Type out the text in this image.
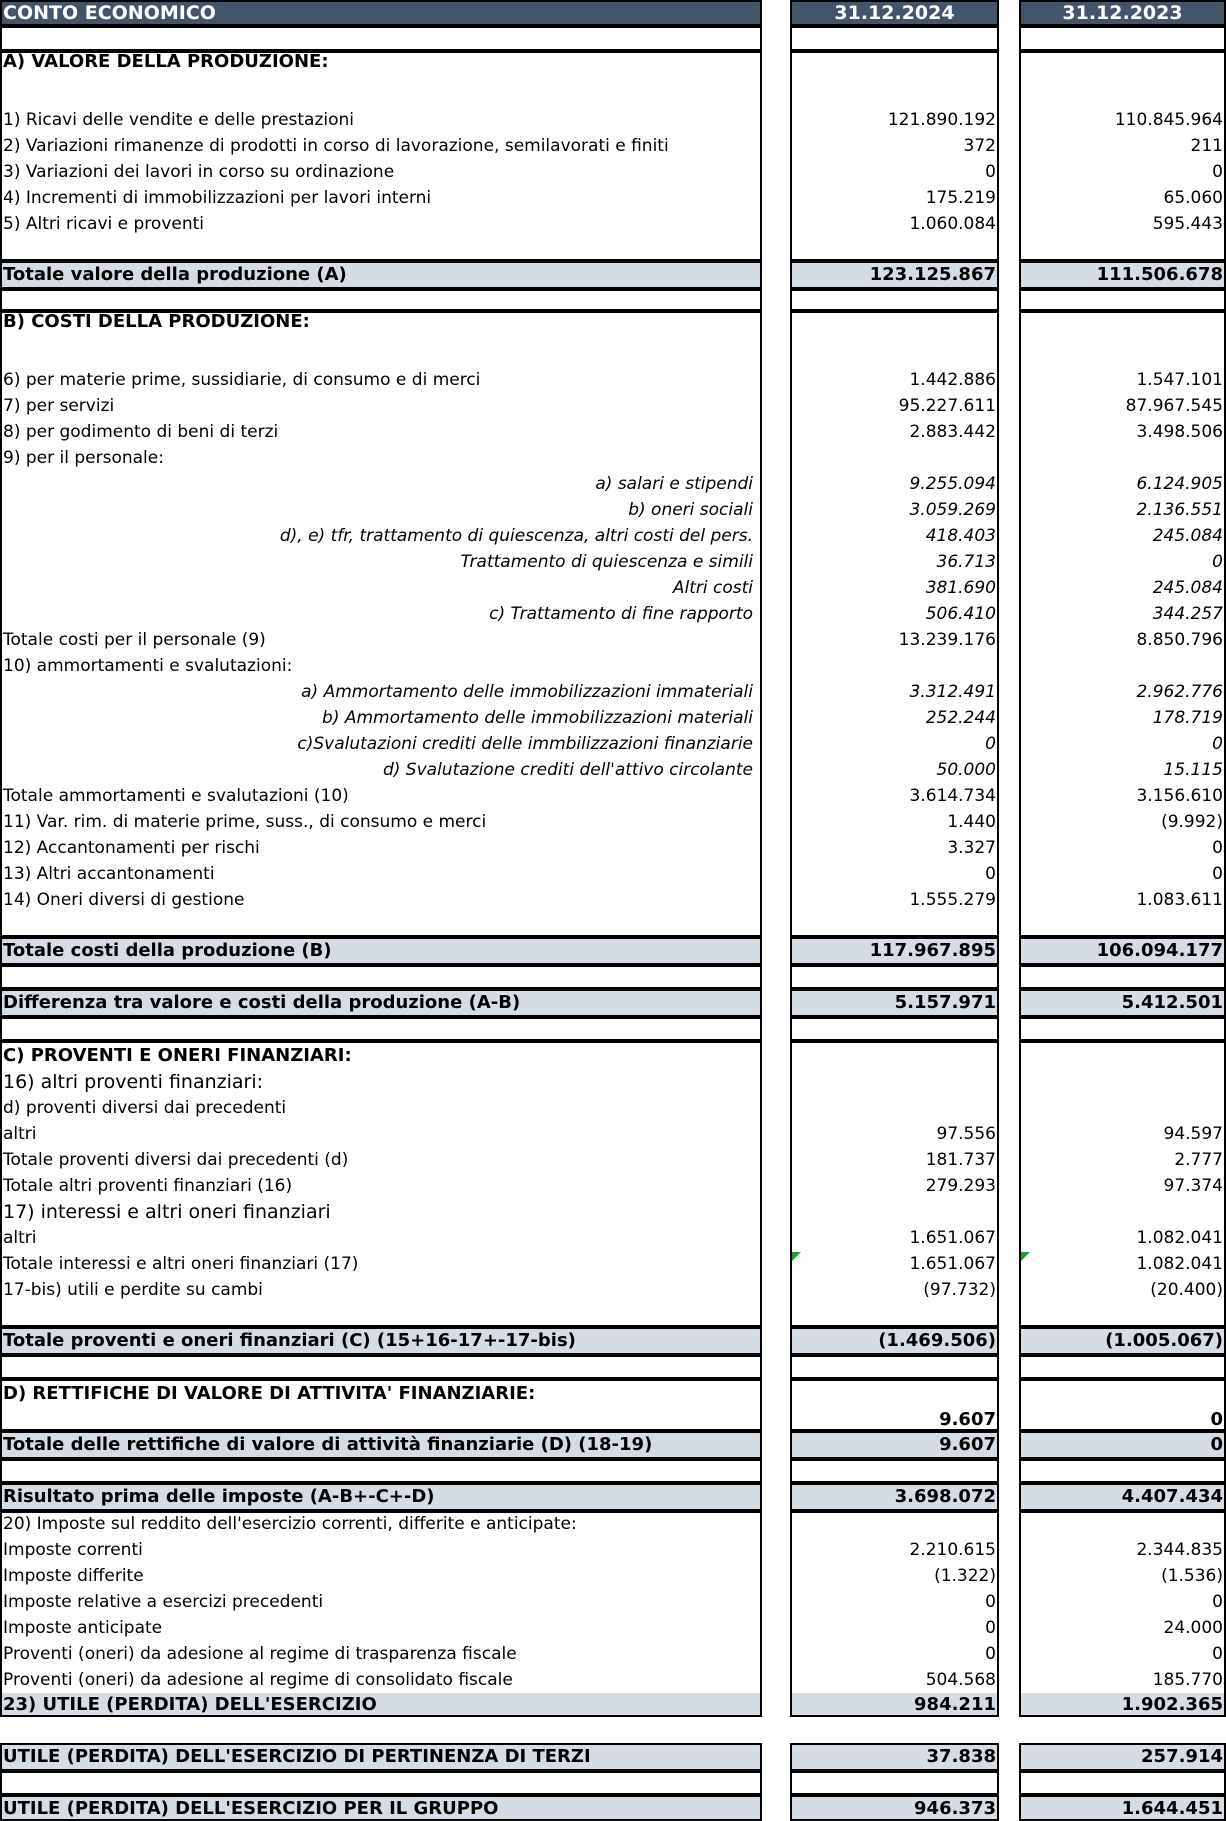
CONTO ECONOMICO
A) VALORE DELLA PRODUZIONE:
1) Ricavi delle vendite e delle prestazioni
2) Variazioni rimanenze di prodotti in corso di lavorazione, semilavorati e finiti
3) Variazioni dei lavori in corso su ordinazione
4) Incrementi di immobilizzazioni per lavori interni
5) Altri ricavi e proventi
Totale valore della produzione (A)
B) COSTI DELLA PRODUZIONE:
6) per materie prime, sussidiarie, di consumo e di merci
7) per servizi
8) per godimento di beni di terzi
9) per il personale:
a) salari e stipendi
b) oneri sociali
d), e) tfr, trattamento di quiescenza, altri costi del pers.
Trattamento di quiescenza e simili
Altri costi
c) Trattamento di fine rapporto
Totale costi per il personale (9)
10) ammortamenti e svalutazioni:
a) Ammortamento delle immobilizzazioni immateriali
b) Ammortamento delle immobilizzazioni materiali
c)Svalutazioni crediti delle immbilizzazioni finanziarie
d) Svalutazione crediti dell'attivo circolante
Totale ammortamenti e svalutazioni (10)
11) Var. rim. di materie prime, suss., di consumo e merci
12) Accantonamenti per rischi
13) Altri accantonamenti
14) Oneri diversi di gestione
Totale costi della produzione (B)
Differenza tra valore e costi della produzione (A-B)
C) PROVENTI E ONERI FINANZIARI:
16) altri proventi finanziari:
d) proventi diversi dai precedenti
altri
Totale proventi diversi dai precedenti (d)
Totale altri proventi finanziari (16)
17) interessi e altri oneri finanziari
altri
Totale interessi e altri oneri finanziari (17)
17-bis) utili e perdite su cambi
Totale proventi e oneri finanziari (C) (15+16-17+-17-bis)
D) RETTIFICHE DI VALORE DI ATTIVITA' FINANZIARIE:
Totale delle rettifiche di valore di attività finanziarie (D) (18-19)
Risultato prima delle imposte (A-B+-C+-D)
20) Imposte sul reddito dell'esercizio correnti, differite e anticipate:
Imposte correnti
Imposte differite
Imposte relative a esercizi precedenti
Imposte anticipate
Proventi (oneri) da adesione al regime di trasparenza fiscale
Proventi (oneri) da adesione al regime di consolidato fiscale
23) UTILE (PERDITA) DELL'ESERCIZIO
UTILE (PERDITA) DELL'ESERCIZIO DI PERTINENZA DI TERZI
UTILE (PERDITA) DELL'ESERCIZIO PER IL GRUPPO
31.12.2024
121.890.192
372
0
175.219
1.060.084
123.125.867
1.442.886
95.227.611
2.883.442
9.255.094
3.059.269
418.403
36.713
381.690
506.410
13.239.176
3.312.491
252.244
0
50.000
3.614.734
1.440
3.327
0
1.555.279
117.967.895
5.157.971
97.556
181.737
279.293
1.651.067
1.651.067
(97.732)
(1.469.506)
9.607
9.607
3.698.072
2.210.615
(1.322)
0
0
0
504.568
984.211
37.838
946.373
31.12.2023
110.845.964
211
0
65.060
595.443
111.506.678
1.547.101
87.967.545
3.498.506
6.124.905
2.136.551
245.084
0
245.084
344.257
8.850.796
2.962.776
178.719
0
15.115
3.156.610
(9.992)
0
0
1.083.611
106.094.177
5.412.501
94.597
2.777
97.374
1.082.041
1.082.041
(20.400)
(1.005.067)
0
0
4.407.434
2.344.835
(1.536)
0
24.000
0
185.770
1.902.365
257.914
1.644.451
